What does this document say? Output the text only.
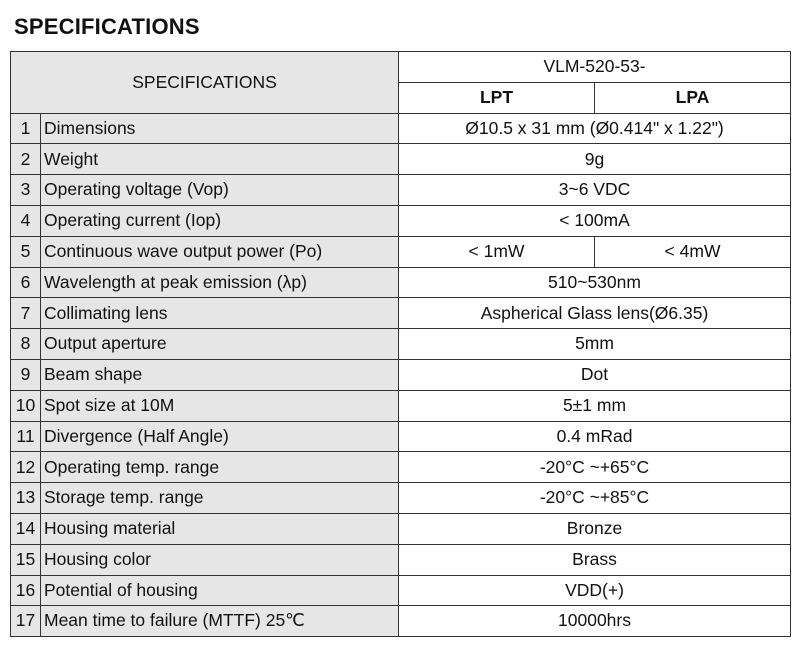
SPECIFICATIONS
SPECIFICATIONS		VLM-520-53-	
		LPT	LPA
1	Dimensions	Ø10.5 x 31 mm (Ø0.414" x 1.22")	
2	Weight	9g	
3	Operating voltage (Vop)	3~6 VDC	
4	Operating current (Iop)	< 100mA	
5	Continuous wave output power (Po)	< 1mW	< 4mW
6	Wavelength at peak emission (λp)	510~530nm	
7	Collimating lens	Aspherical Glass lens(Ø6.35)	
8	Output aperture	5mm	
9	Beam shape	Dot	
10	Spot size at 10M	5±1 mm	
11	Divergence (Half Angle)	0.4 mRad	
12	Operating temp. range	-20°C ~+65°C	
13	Storage temp. range	-20°C ~+85°C	
14	Housing material	Bronze	
15	Housing color	Brass	
16	Potential of housing	VDD(+)	
17	Mean time to failure (MTTF) 25℃	10000hrs	
